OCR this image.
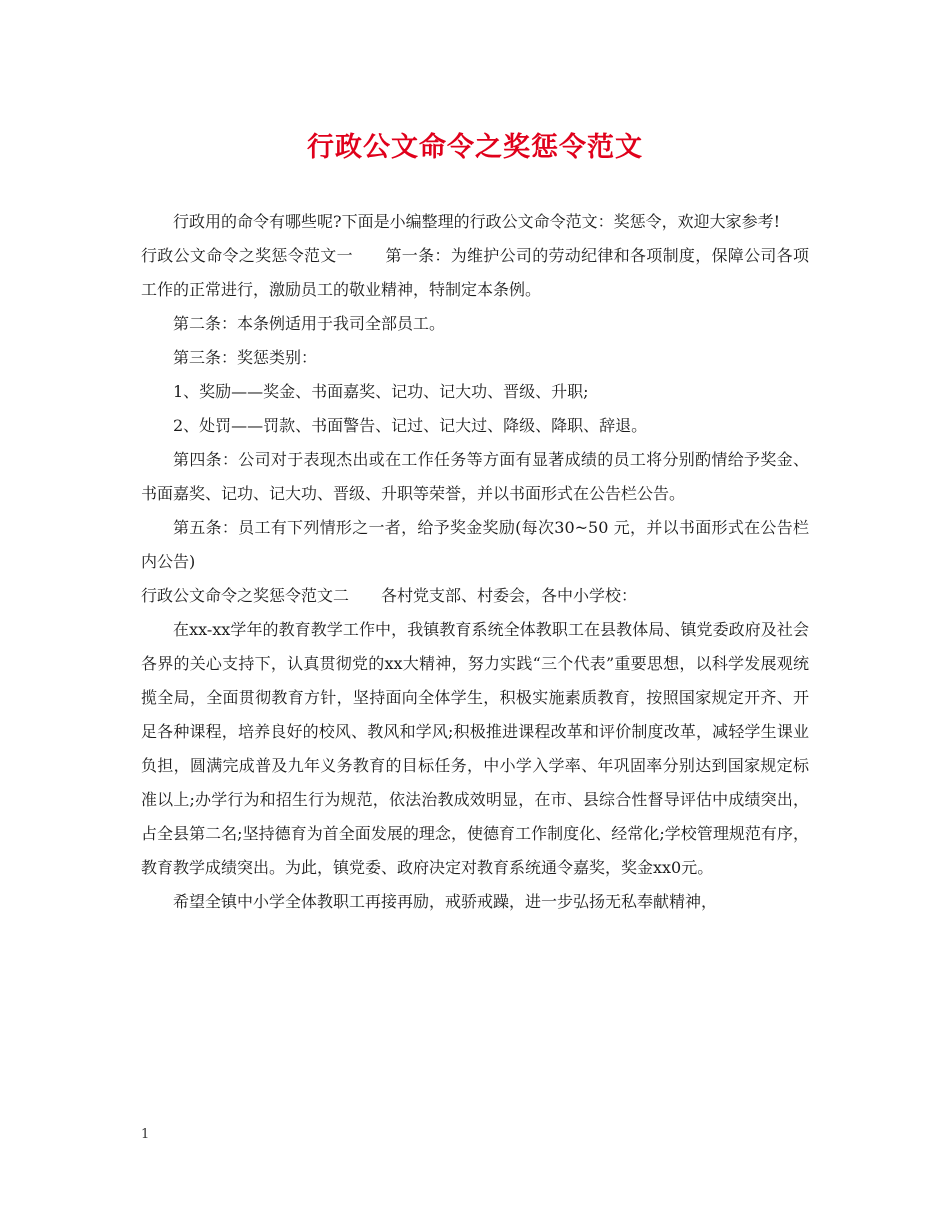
行政公文命令之奖惩令范文

行政用的命令有哪些呢?下面是小编整理的行政公文命令范文：奖惩令，欢迎大家参考!

行政公文命令之奖惩令范文一　　第一条：为维护公司的劳动纪律和各项制度，保障公司各项工作的正常进行，激励员工的敬业精神，特制定本条例。

第二条：本条例适用于我司全部员工。

第三条：奖惩类别：

1、奖励——奖金、书面嘉奖、记功、记大功、晋级、升职;

2、处罚——罚款、书面警告、记过、记大过、降级、降职、辞退。

第四条：公司对于表现杰出或在工作任务等方面有显著成绩的员工将分别酌情给予奖金、书面嘉奖、记功、记大功、晋级、升职等荣誉，并以书面形式在公告栏公告。

第五条：员工有下列情形之一者，给予奖金奖励(每次30~50 元，并以书面形式在公告栏内公告)

行政公文命令之奖惩令范文二　　各村党支部、村委会，各中小学校：

在xx-xx学年的教育教学工作中，我镇教育系统全体教职工在县教体局、镇党委政府及社会各界的关心支持下，认真贯彻党的xx大精神，努力实践“三个代表”重要思想，以科学发展观统揽全局，全面贯彻教育方针，坚持面向全体学生，积极实施素质教育，按照国家规定开齐、开足各种课程，培养良好的校风、教风和学风;积极推进课程改革和评价制度改革，减轻学生课业负担，圆满完成普及九年义务教育的目标任务，中小学入学率、年巩固率分别达到国家规定标准以上;办学行为和招生行为规范，依法治教成效明显，在市、县综合性督导评估中成绩突出，占全县第二名;坚持德育为首全面发展的理念，使德育工作制度化、经常化;学校管理规范有序，教育教学成绩突出。为此，镇党委、政府决定对教育系统通令嘉奖，奖金xx0元。

希望全镇中小学全体教职工再接再励，戒骄戒躁，进一步弘扬无私奉献精神，

1
